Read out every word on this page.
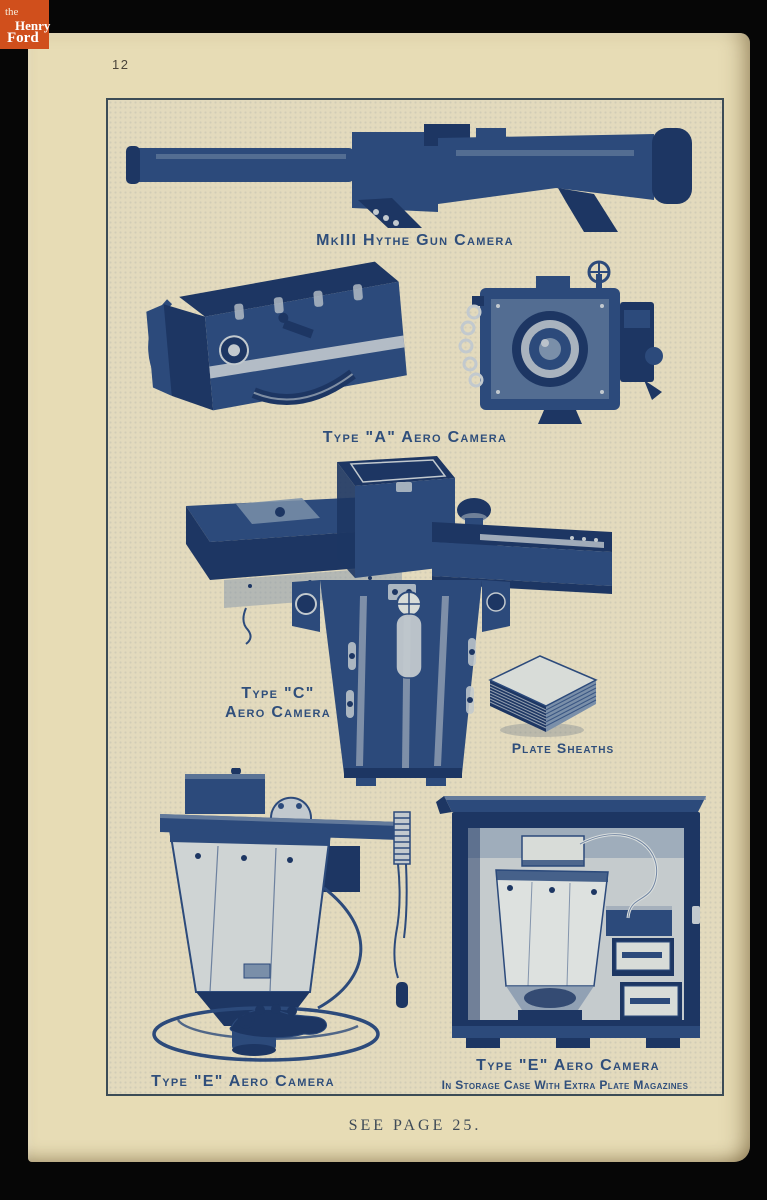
12
MkIII Hythe Gun Camera
Type "A" Aero Camera
Type "C"
Aero Camera
Plate Sheaths
Type "E" Aero Camera
Type "E" Aero Camera
In Storage Case With Extra Plate Magazines
SEE PAGE 25.
the
Henry
Ford
